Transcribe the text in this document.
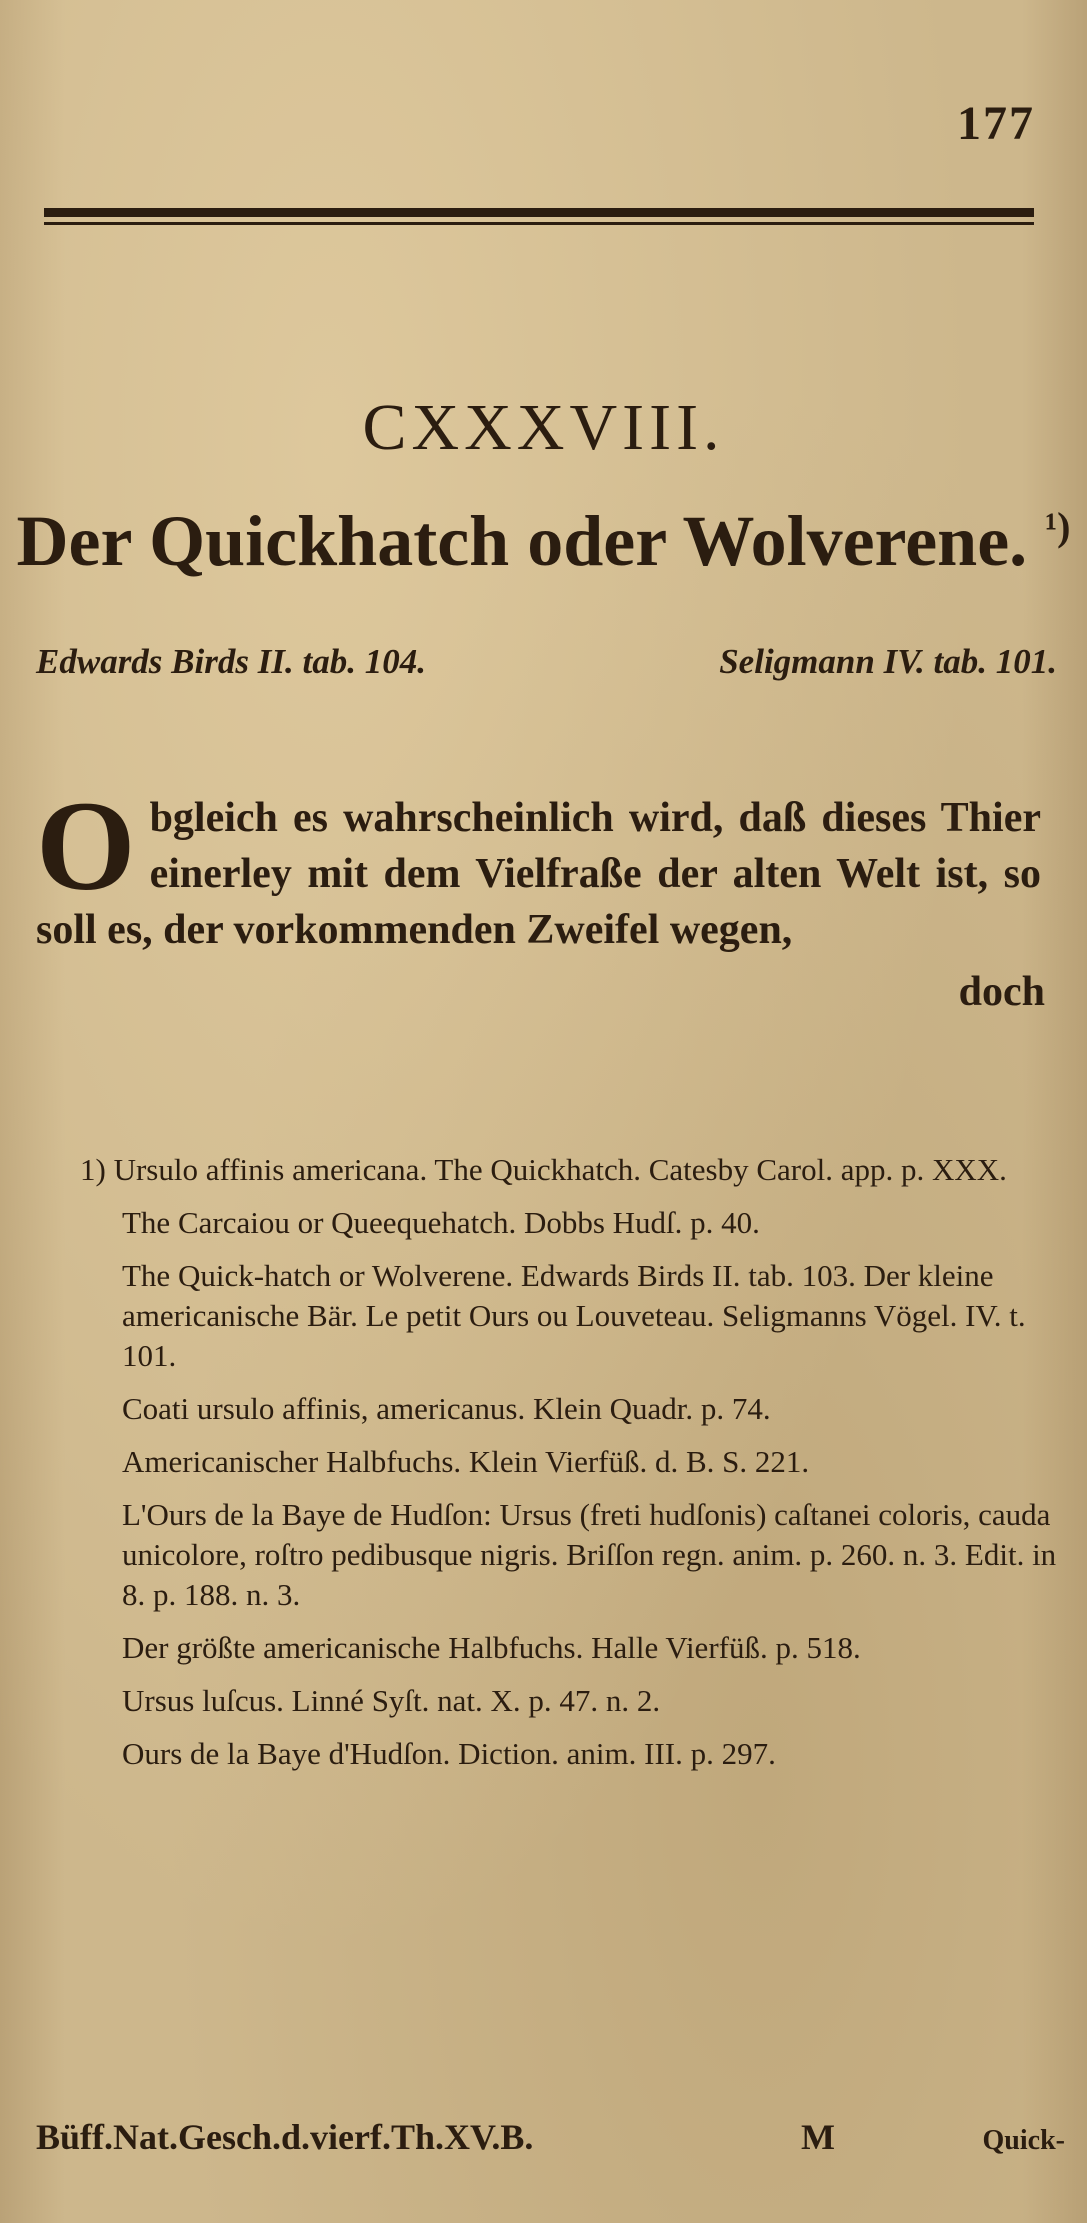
177
CXXXVIII.
Der Quickhatch oder Wolverene. $^{^1)}$
Edwards Birds II. tab. 104.	Seligmann IV. tab. 101.
O bgleich es wahrscheinlich wird, daß dieses Thier einerley mit dem Vielfraße der alten Welt ist, so soll es, der vorkommenden Zweifel wegen,
doch

1) Ursulo affinis americana. The Quickhatch. Catesby Carol. app. p. XXX.

The Carcaiou or Queequehatch. Dobbs Hudſ. p. 40.

The Quick-hatch or Wolverene. Edwards Birds II. tab. 103. Der kleine americanische Bär. Le petit Ours ou Louveteau. Seligmanns Vögel. IV. t. 101.

Coati ursulo affinis, americanus. Klein Quadr. p. 74.

Americanischer Halbfuchs. Klein Vierfüß. d. B. S. 221.

L'Ours de la Baye de Hudſon: Ursus (freti hudſonis) caſtanei coloris, cauda unicolore, roſtro pedibusque nigris. Briſſon regn. anim. p. 260. n. 3. Edit. in 8. p. 188. n. 3.

Der größte americanische Halbfuchs. Halle Vierfüß. p. 518.

Ursus luſcus. Linné Syſt. nat. X. p. 47. n. 2.

Ours de la Baye d'Hudſon. Diction. anim. III. p. 297.

Büff.Nat.Gesch.d.vierf.Th.XV.B.	M	Quick-
